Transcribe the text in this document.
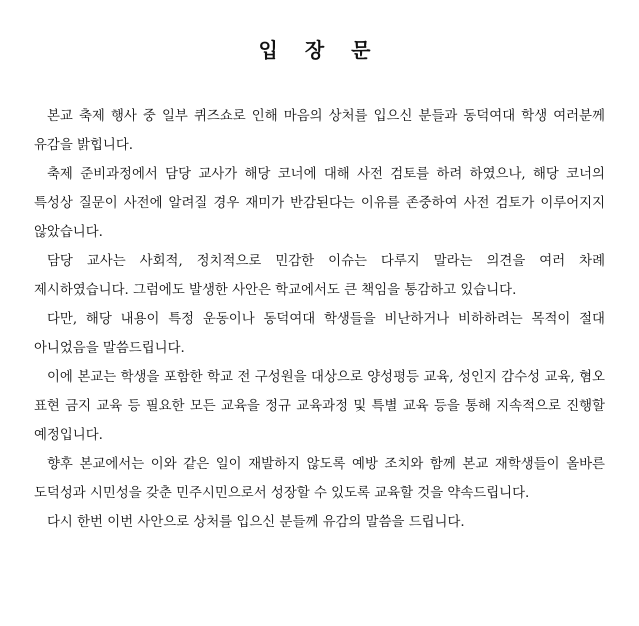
입 장 문

본교 축제 행사 중 일부 퀴즈쇼로 인해 마음의 상처를 입으신 분들과 동덕여대 학생 여러분께 유감을 밝힙니다.

축제 준비과정에서 담당 교사가 해당 코너에 대해 사전 검토를 하려 하였으나, 해당 코너의 특성상 질문이 사전에 알려질 경우 재미가 반감된다는 이유를 존중하여 사전 검토가 이루어지지 않았습니다.

담당 교사는 사회적, 정치적으로 민감한 이슈는 다루지 말라는 의견을 여러 차례 제시하였습니다. 그럼에도 발생한 사안은 학교에서도 큰 책임을 통감하고 있습니다.

다만, 해당 내용이 특정 운동이나 동덕여대 학생들을 비난하거나 비하하려는 목적이 절대 아니었음을 말씀드립니다.

이에 본교는 학생을 포함한 학교 전 구성원을 대상으로 양성평등 교육, 성인지 감수성 교육, 혐오 표현 금지 교육 등 필요한 모든 교육을 정규 교육과정 및 특별 교육 등을 통해 지속적으로 진행할 예정입니다.

향후 본교에서는 이와 같은 일이 재발하지 않도록 예방 조치와 함께 본교 재학생들이 올바른 도덕성과 시민성을 갖춘 민주시민으로서 성장할 수 있도록 교육할 것을 약속드립니다.

다시 한번 이번 사안으로 상처를 입으신 분들께 유감의 말씀을 드립니다.
